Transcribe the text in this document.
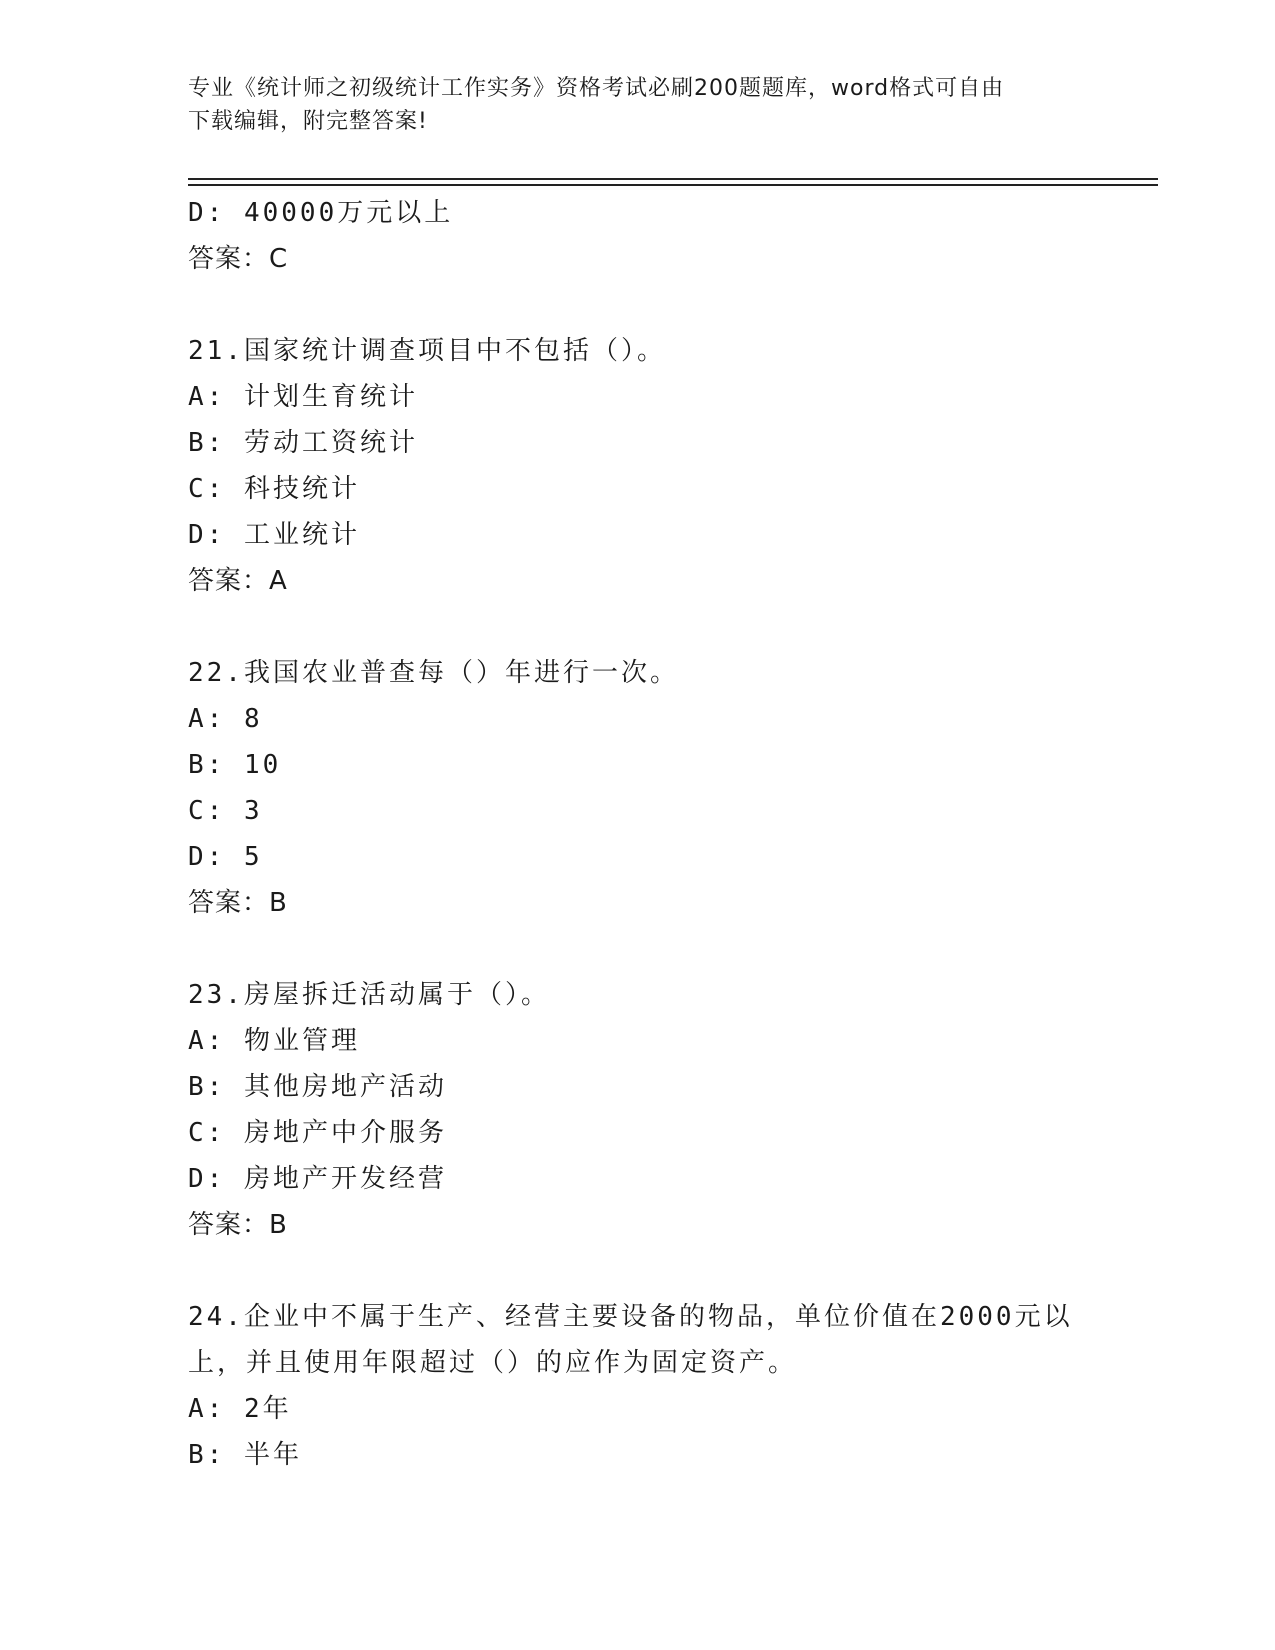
专业《统计师之初级统计工作实务》资格考试必刷200题题库，word格式可自由
下载编辑，附完整答案!
D: 40000万元以上
答案：C
21.国家统计调查项目中不包括（）。
A: 计划生育统计
B: 劳动工资统计
C: 科技统计
D: 工业统计
答案：A
22.我国农业普查每（）年进行一次。
A: 8
B: 10
C: 3
D: 5
答案：B
23.房屋拆迁活动属于（）。
A: 物业管理
B: 其他房地产活动
C: 房地产中介服务
D: 房地产开发经营
答案：B
24.企业中不属于生产、经营主要设备的物品，单位价值在2000元以
上，并且使用年限超过（）的应作为固定资产。
A: 2年
B: 半年
